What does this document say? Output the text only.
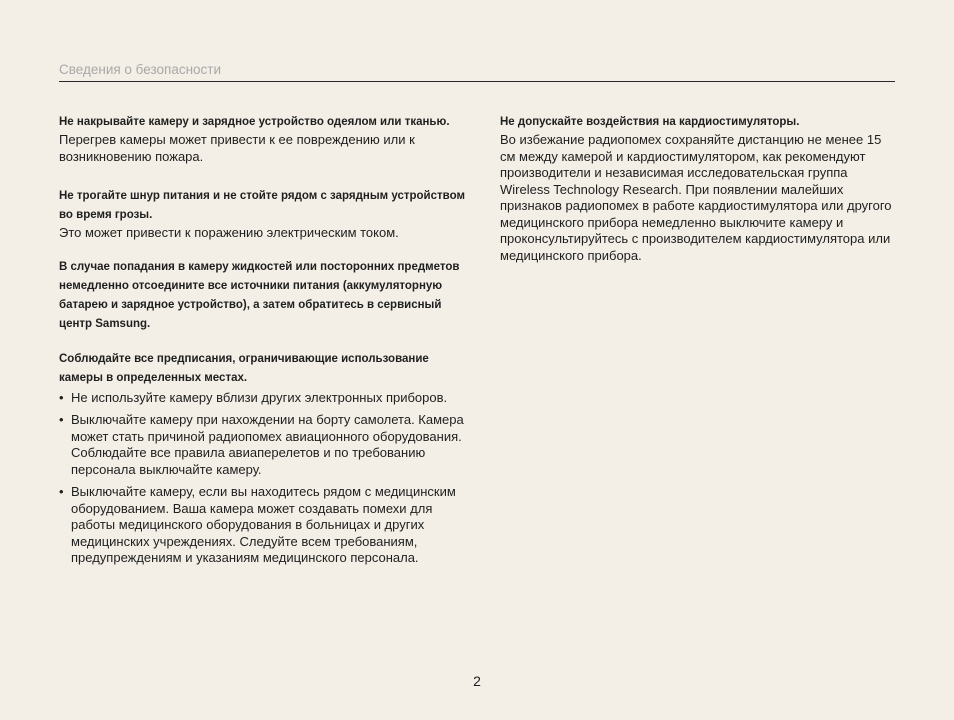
Сведения о безопасности

Не накрывайте камеру и зарядное устройство одеялом или тканью.

Перегрев камеры может привести к ее повреждению или к возникновению пожара.

Не трогайте шнур питания и не стойте рядом с зарядным устройством во время грозы.

Это может привести к поражению электрическим током.

В случае попадания в камеру жидкостей или посторонних предметов немедленно отсоедините все источники питания (аккумуляторную батарею и зарядное устройство), а затем обратитесь в сервисный центр Samsung.

Соблюдайте все предписания, ограничивающие использование камеры в определенных местах.

• Не используйте камеру вблизи других электронных приборов.
• Выключайте камеру при нахождении на борту самолета. Камера может стать причиной радиопомех авиационного оборудования. Соблюдайте все правила авиаперелетов и по требованию персонала выключайте камеру.
• Выключайте камеру, если вы находитесь рядом с медицинским оборудованием. Ваша камера может создавать помехи для работы медицинского оборудования в больницах и других медицинских учреждениях. Следуйте всем требованиям, предупреждениям и указаниям медицинского персонала.

Не допускайте воздействия на кардиостимуляторы.

Во избежание радиопомех сохраняйте дистанцию не менее 15 см между камерой и кардиостимулятором, как рекомендуют производители и независимая исследовательская группа Wireless Technology Research. При появлении малейших признаков радиопомех в работе кардиостимулятора или другого медицинского прибора немедленно выключите камеру и проконсультируйтесь с производителем кардиостимулятора или медицинского прибора.

2
